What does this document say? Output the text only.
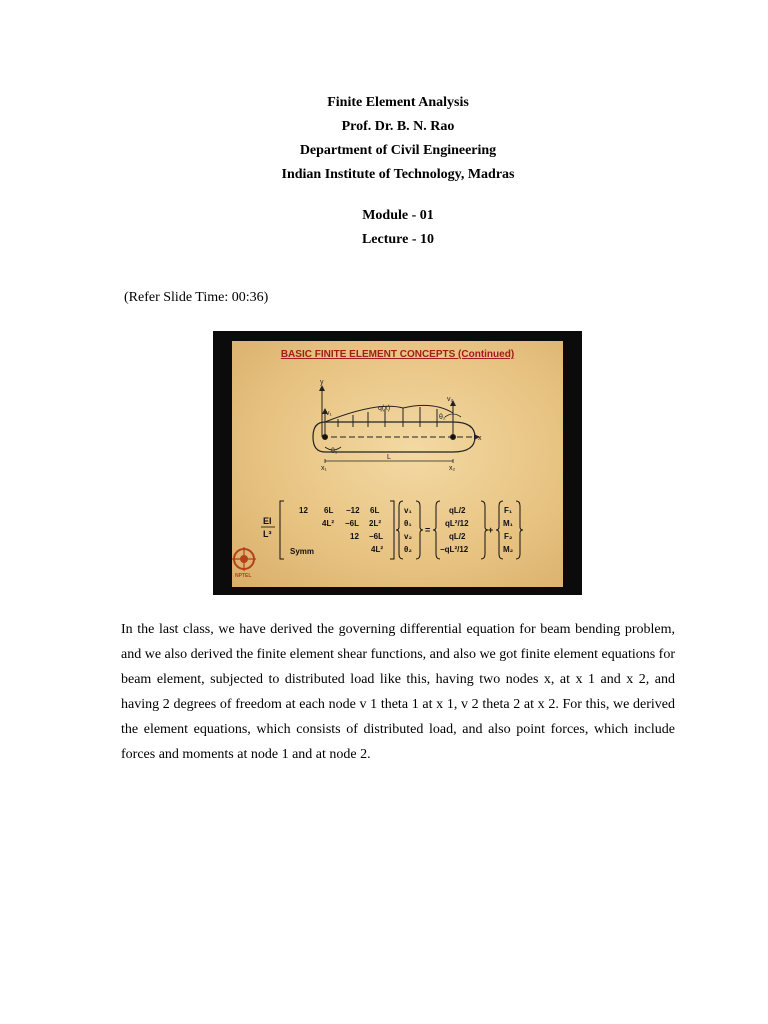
Finite Element Analysis
Prof. Dr. B. N. Rao
Department of Civil Engineering
Indian Institute of Technology, Madras
Module - 01
Lecture - 10
(Refer Slide Time: 00:36)
BASIC FINITE ELEMENT CONCEPTS (Continued)
y
x
v₁
v₂
q(x)
θ₁
θ₂
L
x₁	x₂
EI
L³
12 6L −12 6L
4L² −6L 2L²
12 −6L
Symm	4L²
v₁
θ₁
v₂
θ₂
=
qL/2
qL²/12
qL/2
−qL²/12
+
F₁
M₁
F₂
M₂
NPTEL
In the last class, we have derived the governing differential equation for beam bending problem, and we also derived the finite element shear functions, and also we got finite element equations for beam element, subjected to distributed load like this, having two nodes x, at x 1 and x 2, and having 2 degrees of freedom at each node v 1 theta 1 at x 1, v 2 theta 2 at x 2. For this, we derived the element equations, which consists of distributed load, and also point forces, which include forces and moments at node 1 and at node 2.
